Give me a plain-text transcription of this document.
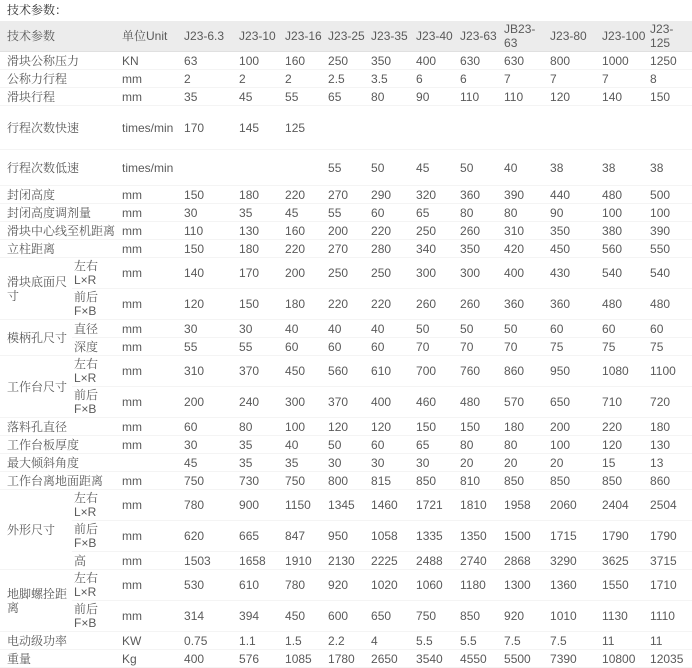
技术参数：
技术参数		单位Unit	J23-6.3	J23-10	J23-16	J23-25	J23-35	J23-40	J23-63	JB23-63	J23-80	J23-100	J23-125
滑块公称压力		KN	63	100	160	250	350	400	630	630	800	1000	1250
公称力行程		mm	2	2	2	2.5	3.5	6	6	7	7	7	8
滑块行程		mm	35	45	55	65	80	90	110	110	120	140	150
行程次数快速		times/min	170	145	125								
行程次数低速		times/min				55	50	45	50	40	38	38	38
封闭高度		mm	150	180	220	270	290	320	360	390	440	480	500
封闭高度调剂量		mm	30	35	45	55	60	65	80	80	90	100	100
滑块中心线至机距离		mm	110	130	160	200	220	250	260	310	350	380	390
立柱距离		mm	150	180	220	270	280	340	350	420	450	560	550
滑块底面尺寸	左右L×R	mm	140	170	200	250	250	300	300	400	430	540	540
	前后F×B	mm	120	150	180	220	220	260	260	360	360	480	480
模柄孔尺寸	直径	mm	30	30	40	40	40	50	50	50	60	60	60
	深度	mm	55	55	60	60	60	70	70	70	75	75	75
工作台尺寸	左右L×R	mm	310	370	450	560	610	700	760	860	950	1080	1100
	前后F×B	mm	200	240	300	370	400	460	480	570	650	710	720
落料孔直径		mm	60	80	100	120	120	150	150	180	200	220	180
工作台板厚度		mm	30	35	40	50	60	65	80	80	100	120	130
最大倾斜角度			45	35	35	30	30	30	20	20	20	15	13
工作台离地面距离		mm	750	730	750	800	815	850	810	850	850	850	860
外形尺寸	左右L×R	mm	780	900	1150	1345	1460	1721	1810	1958	2060	2404	2504
	前后F×B	mm	620	665	847	950	1058	1335	1350	1500	1715	1790	1790
	高	mm	1503	1658	1910	2130	2225	2488	2740	2868	3290	3625	3715
地脚螺拴距离	左右L×R	mm	530	610	780	920	1020	1060	1180	1300	1360	1550	1710
	前后F×B	mm	314	394	450	600	650	750	850	920	1010	1130	1110
电动级功率		KW	0.75	1.1	1.5	2.2	4	5.5	5.5	7.5	7.5	11	11
重量		Kg	400	576	1085	1780	2650	3540	4550	5500	7390	10800	12035
